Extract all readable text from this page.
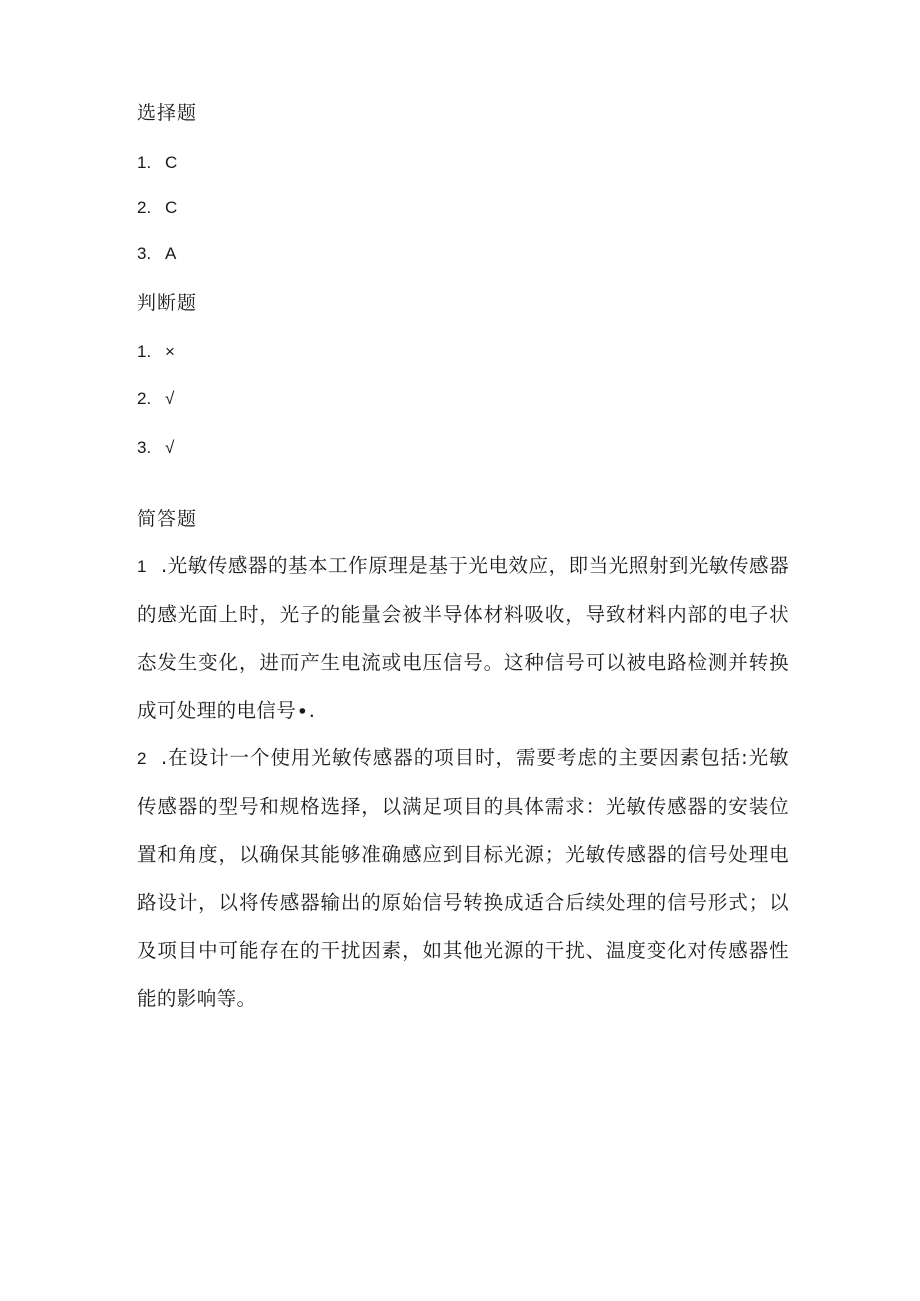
选择题
1. C
2. C
3. A
判断题
1. ×
2. √
3. √
简答题

1 .光敏传感器的基本工作原理是基于光电效应，即当光照射到光敏传感器的感光面上时，光子的能量会被半导体材料吸收，导致材料内部的电子状态发生变化，进而产生电流或电压信号。这种信号可以被电路检测并转换成可处理的电信号∙.

2 .在设计一个使用光敏传感器的项目时，需要考虑的主要因素包括:光敏传感器的型号和规格选择，以满足项目的具体需求：光敏传感器的安装位置和角度，以确保其能够准确感应到目标光源；光敏传感器的信号处理电路设计，以将传感器输出的原始信号转换成适合后续处理的信号形式；以及项目中可能存在的干扰因素，如其他光源的干扰、温度变化对传感器性能的影响等。
